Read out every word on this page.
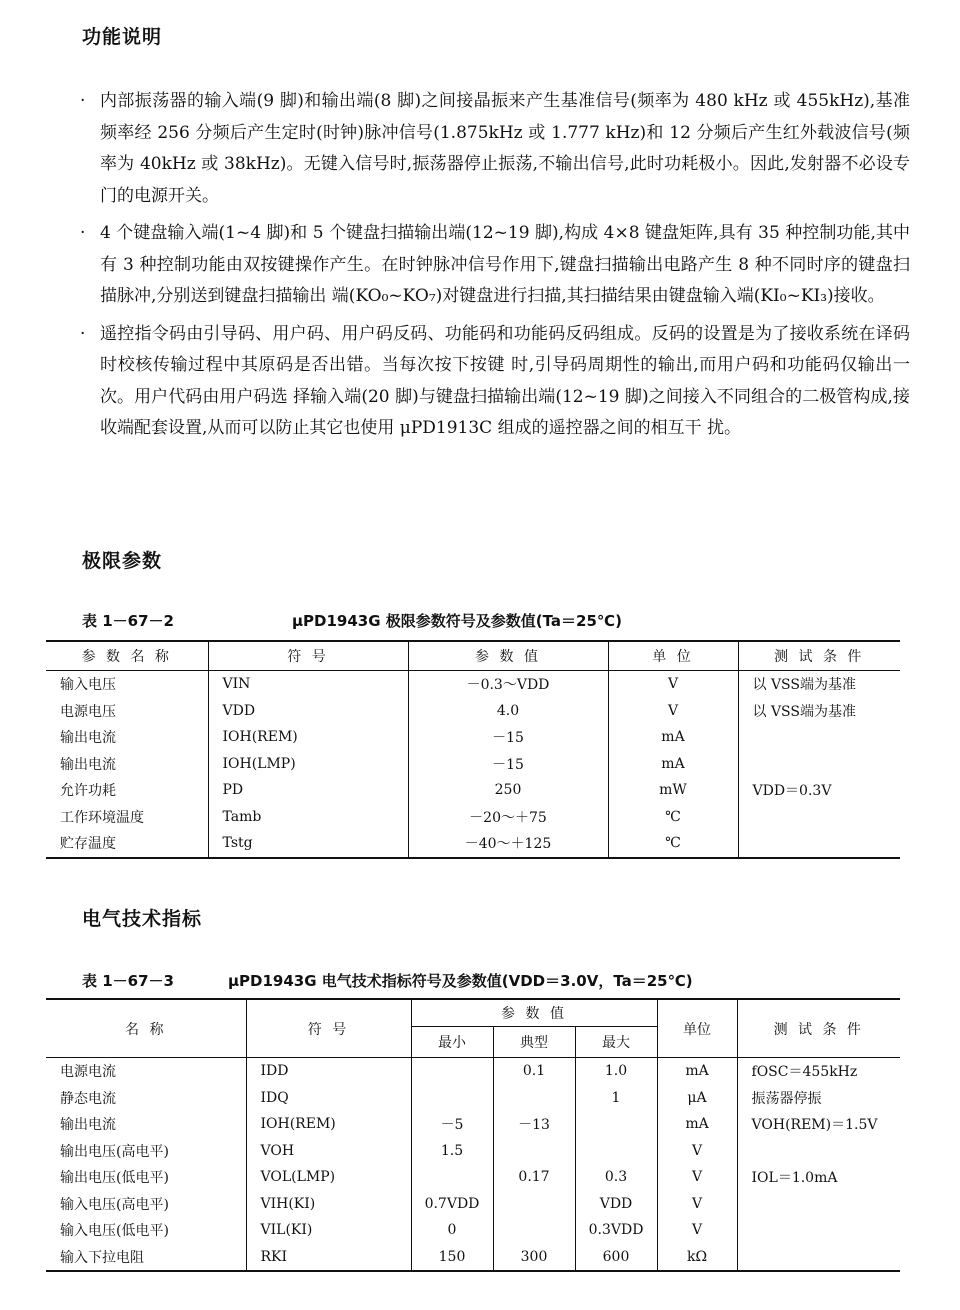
功能说明
· 内部振荡器的输入端(9 脚)和输出端(8 脚)之间接晶振来产生基准信号(频率为 480 kHz 或 455kHz),基准频率经 256 分频后产生定时(时钟)脉冲信号(1.875kHz 或 1.777 kHz)和 12 分频后产生红外载波信号(频率为 40kHz 或 38kHz)。无键入信号时,振荡器停止振荡,不输出信号,此时功耗极小。因此,发射器不必设专门的电源开关。
· 4 个键盘输入端(1~4 脚)和 5 个键盘扫描输出端(12~19 脚),构成 4×8 键盘矩阵,具有 35 种控制功能,其中有 3 种控制功能由双按键操作产生。在时钟脉冲信号作用下,键盘扫描输出电路产生 8 种不同时序的键盘扫描脉冲,分别送到键盘扫描输出 端(KO₀~KO₇)对键盘进行扫描,其扫描结果由键盘输入端(KI₀~KI₃)接收。
· 遥控指令码由引导码、用户码、用户码反码、功能码和功能码反码组成。反码的设置是为了接收系统在译码时校核传输过程中其原码是否出错。当每次按下按键 时,引导码周期性的输出,而用户码和功能码仅输出一次。用户代码由用户码选 择输入端(20 脚)与键盘扫描输出端(12~19 脚)之间接入不同组合的二极管构成,接收端配套设置,从而可以防止其它也使用 μPD1913C 组成的遥控器之间的相互干 扰。
极限参数
表 1－67－2	μPD1943G 极限参数符号及参数值(Ta＝25℃)
参 数 名 称	符 号	参 数 值	单 位	测 试 条 件
输入电压	VIN	－0.3～VDD	V	以 VSS端为基准
电源电压	VDD	4.0	V	以 VSS端为基准
输出电流	IOH(REM)	－15	mA	
输出电流	IOH(LMP)	－15	mA	
允许功耗	PD	250	mW	VDD＝0.3V
工作环境温度	Tamb	－20～＋75	℃	
贮存温度	Tstg	－40～＋125	℃	
电气技术指标
表 1－67－3	μPD1943G 电气技术指标符号及参数值(VDD＝3.0V，Ta＝25℃)
名 称	符 号	参 数 值			单位	测 试 条 件
		最小	典型	最大		
电源电流	IDD		0.1	1.0	mA	fOSC＝455kHz
静态电流	IDQ			1	μA	振荡器停振
输出电流	IOH(REM)	－5	－13		mA	VOH(REM)＝1.5V
输出电压(高电平)	VOH	1.5			V	
输出电压(低电平)	VOL(LMP)		0.17	0.3	V	IOL＝1.0mA
输入电压(高电平)	VIH(KI)	0.7VDD		VDD	V	
输入电压(低电平)	VIL(KI)	0		0.3VDD	V	
输入下拉电阻	RKI	150	300	600	kΩ	
